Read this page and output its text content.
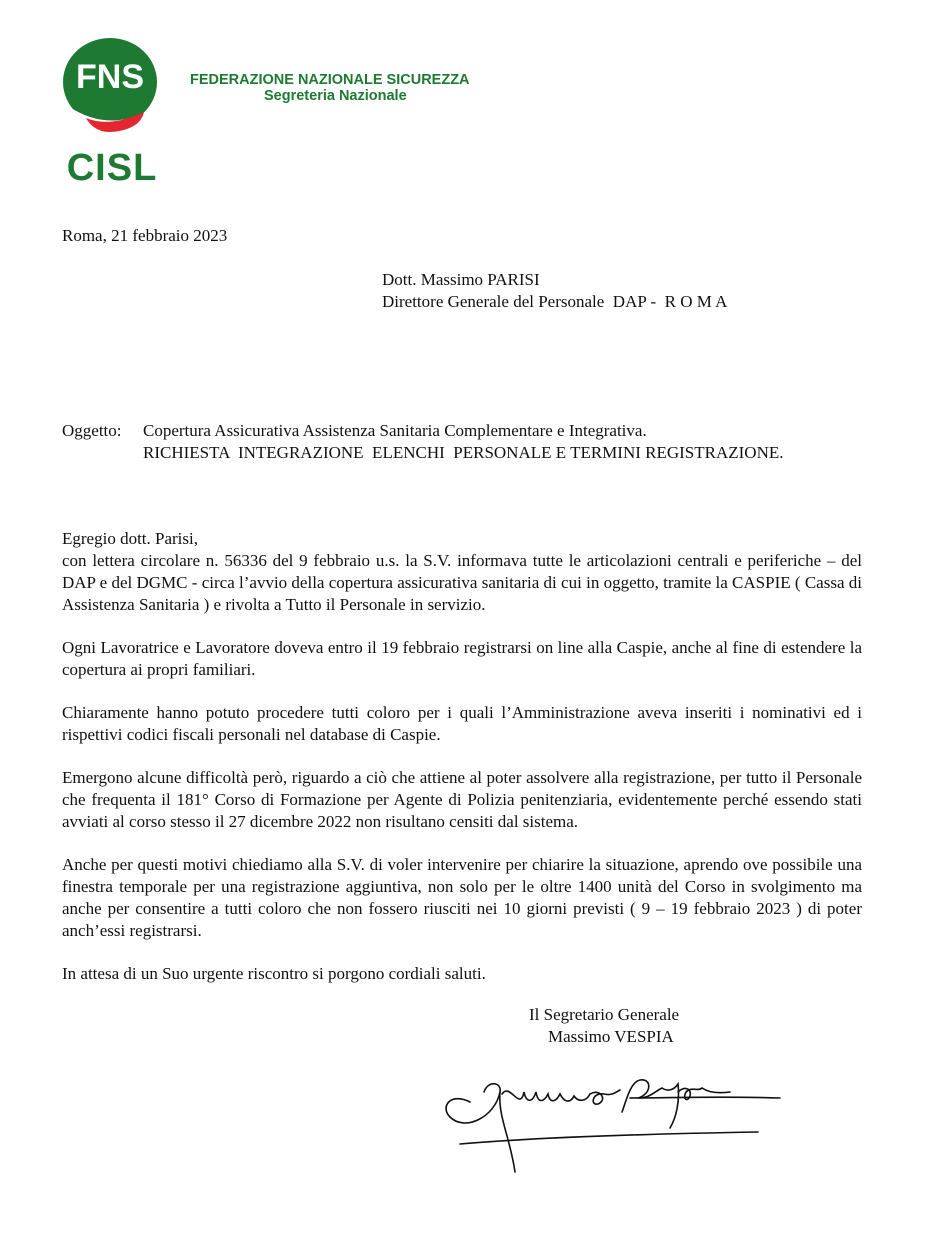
FNS
CISL
FEDERAZIONE NAZIONALE SICUREZZA
Segreteria Nazionale
Roma, 21 febbraio 2023
Dott. Massimo PARISI
Direttore Generale del Personale  DAP -  R O M A
Oggetto: Copertura Assicurativa Assistenza Sanitaria Complementare e Integrativa.
RICHIESTA  INTEGRAZIONE  ELENCHI  PERSONALE E TERMINI REGISTRAZIONE.

Egregio dott. Parisi,
con lettera circolare n. 56336 del 9 febbraio u.s. la S.V. informava tutte le articolazioni centrali e periferiche – del DAP e del DGMC - circa l’avvio della copertura assicurativa sanitaria di cui in oggetto, tramite la CASPIE ( Cassa di Assistenza Sanitaria ) e rivolta a Tutto il Personale in servizio.

Ogni Lavoratrice e Lavoratore doveva entro il 19 febbraio registrarsi on line alla Caspie, anche al fine di estendere la copertura ai propri familiari.

Chiaramente hanno potuto procedere tutti coloro per i quali l’Amministrazione aveva inseriti i nominativi ed i rispettivi codici fiscali personali nel database di Caspie.

Emergono alcune difficoltà però, riguardo a ciò che attiene al poter assolvere alla registrazione, per tutto il Personale che frequenta il 181° Corso di Formazione per Agente di Polizia penitenziaria, evidentemente perché essendo stati avviati al corso stesso il 27 dicembre 2022 non risultano censiti dal sistema.

Anche per questi motivi chiediamo alla S.V. di voler intervenire per chiarire la situazione, aprendo ove possibile una finestra temporale per una registrazione aggiuntiva, non solo per le oltre 1400 unità del Corso in svolgimento ma anche per consentire a tutti coloro che non fossero riusciti nei 10 giorni previsti ( 9 – 19 febbraio 2023 ) di poter anch’essi registrarsi.

In attesa di un Suo urgente riscontro si porgono cordiali saluti.

Il Segretario Generale
Massimo VESPIA
